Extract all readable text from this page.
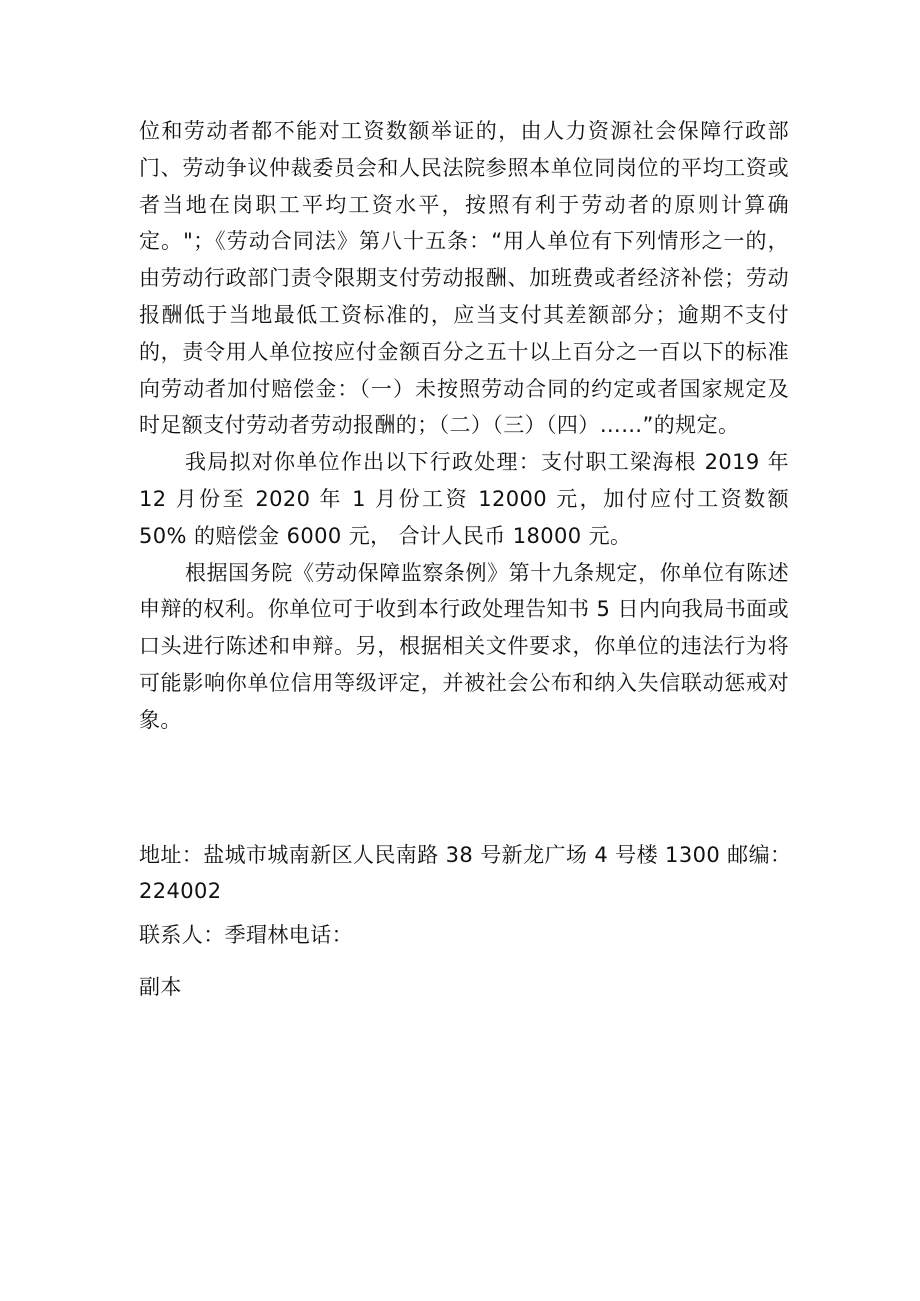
位和劳动者都不能对工资数额举证的，由人力资源社会保障行政部门、劳动争议仲裁委员会和人民法院参照本单位同岗位的平均工资或者当地在岗职工平均工资水平，按照有利于劳动者的原则计算确定。"；《劳动合同法》第八十五条：“用人单位有下列情形之一的，由劳动行政部门责令限期支付劳动报酬、加班费或者经济补偿；劳动报酬低于当地最低工资标准的，应当支付其差额部分；逾期不支付的，责令用人单位按应付金额百分之五十以上百分之一百以下的标准向劳动者加付赔偿金：（一）未按照劳动合同的约定或者国家规定及时足额支付劳动者劳动报酬的；（二）（三）（四）……”的规定。

我局拟对你单位作出以下行政处理：支付职工梁海根 2019 年 12 月份至 2020 年 1 月份工资 12000 元，加付应付工资数额 50% 的赔偿金 6000 元， 合计人民币 18000 元。

根据国务院《劳动保障监察条例》第十九条规定，你单位有陈述申辩的权利。你单位可于收到本行政处理告知书 5 日内向我局书面或口头进行陈述和申辩。另，根据相关文件要求，你单位的违法行为将可能影响你单位信用等级评定，并被社会公布和纳入失信联动惩戒对象。

地址：盐城市城南新区人民南路 38 号新龙广场 4 号楼 1300 邮编：224002

联系人：季瑁林电话：

副本
